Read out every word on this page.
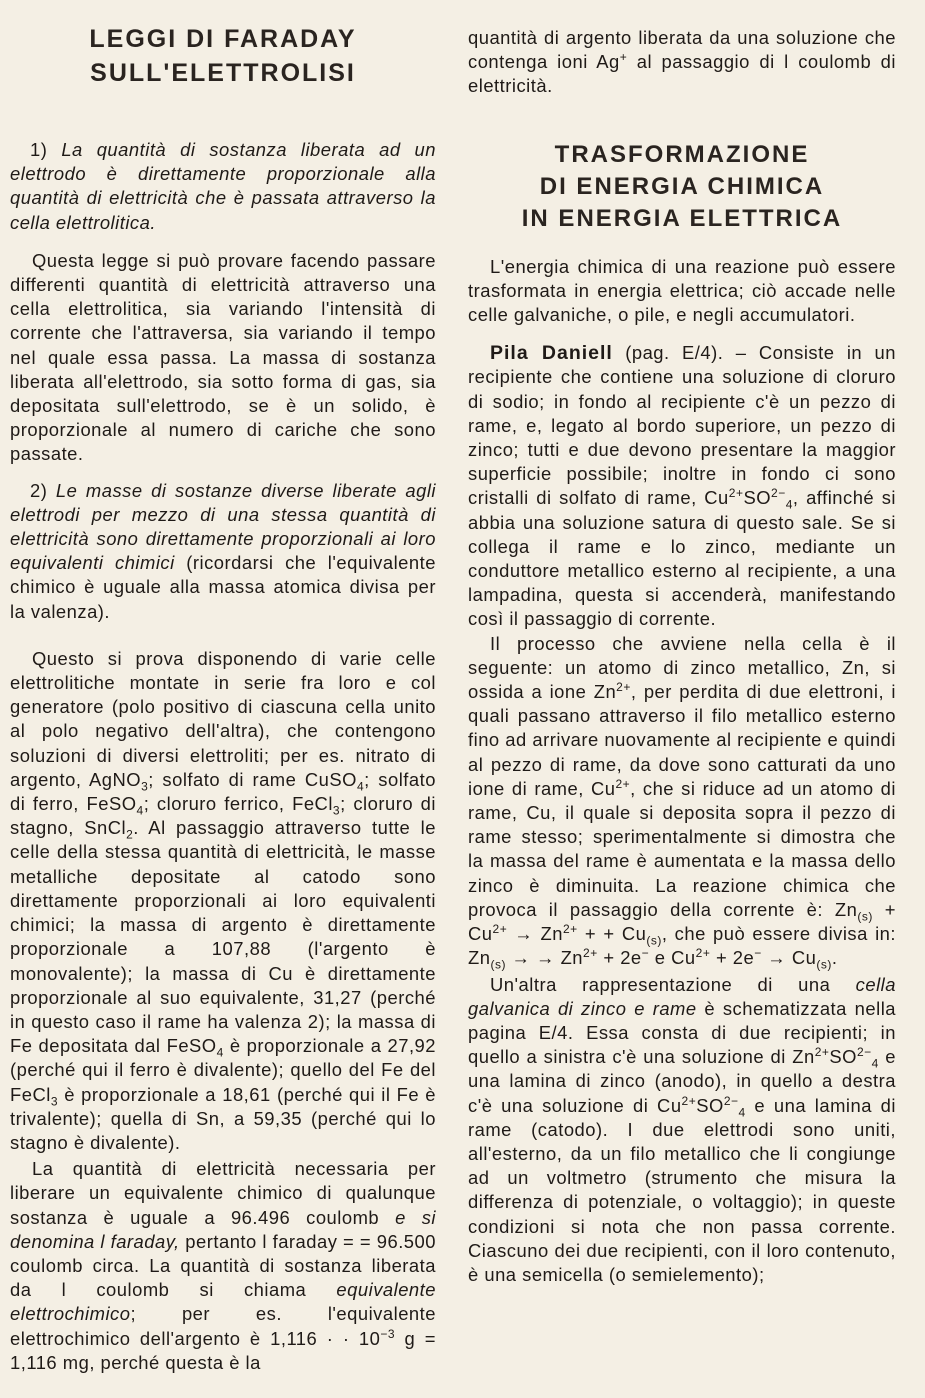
LEGGI DI FARADAY
SULL'ELETTROLISI

1) La quantità di sostanza liberata ad un elettrodo è direttamente proporzionale alla quantità di elettricità che è passata attraverso la cella elettrolitica.

Questa legge si può provare facendo passare differenti quantità di elettricità attraverso una cella elettrolitica, sia variando l'intensità di corrente che l'attraversa, sia variando il tempo nel quale essa passa. La massa di sostanza liberata all'elettrodo, sia sotto forma di gas, sia depositata sull'elettrodo, se è un solido, è proporzionale al numero di cariche che sono passate.

2) Le masse di sostanze diverse liberate agli elettrodi per mezzo di una stessa quantità di elettricità sono direttamente proporzionali ai loro equivalenti chimici (ricordarsi che l'equivalente chimico è uguale alla massa atomica divisa per la valenza).

Questo si prova disponendo di varie celle elettrolitiche montate in serie fra loro e col generatore (polo positivo di ciascuna cella unito al polo negativo dell'altra), che contengono soluzioni di diversi elettroliti; per es. nitrato di argento, AgNO$_3$; solfato di rame CuSO$_4$; solfato di ferro, FeSO$_4$; cloruro ferrico, FeCl$_3$; cloruro di stagno, SnCl$_2$. Al passaggio attraverso tutte le celle della stessa quantità di elettricità, le masse metalliche depositate al catodo sono direttamente proporzionali ai loro equivalenti chimici; la massa di argento è direttamente proporzionale a 107,88 (l'argento è monovalente); la massa di Cu è direttamente proporzionale al suo equivalente, 31,27 (perché in questo caso il rame ha valenza 2); la massa di Fe depositata dal FeSO$_4$ è proporzionale a 27,92 (perché qui il ferro è divalente); quello del Fe del FeCl$_3$ è proporzionale a 18,61 (perché qui il Fe è trivalente); quella di Sn, a 59,35 (perché qui lo stagno è divalente).

La quantità di elettricità necessaria per liberare un equivalente chimico di qualunque sostanza è uguale a 96.496 coulomb e si denomina l faraday, pertanto l faraday = = 96.500 coulomb circa. La quantità di sostanza liberata da l coulomb si chiama equivalente elettrochimico; per es. l'equivalente elettrochimico dell'argento è 1,116 · · $10^{-3}$ g = 1,116 mg, perché questa è la

quantità di argento liberata da una soluzione che contenga ioni Ag+ al passaggio di l coulomb di elettricità.

TRASFORMAZIONE
DI ENERGIA CHIMICA
IN ENERGIA ELETTRICA

L'energia chimica di una reazione può essere trasformata in energia elettrica; ciò accade nelle celle galvaniche, o pile, e negli accumulatori.

Pila Daniell (pag. E/4). – Consiste in un recipiente che contiene una soluzione di cloruro di sodio; in fondo al recipiente c'è un pezzo di rame, e, legato al bordo superiore, un pezzo di zinco; tutti e due devono presentare la maggior superficie possibile; inoltre in fondo ci sono cristalli di solfato di rame, $Cu^{2+}SO^{2-}_4$, affinché si abbia una soluzione satura di questo sale. Se si collega il rame e lo zinco, mediante un conduttore metallico esterno al recipiente, a una lampadina, questa si accenderà, manifestando così il passaggio di corrente.

Il processo che avviene nella cella è il seguente: un atomo di zinco metallico, Zn, si ossida a ione $Zn^{2+}$, per perdita di due elettroni, i quali passano attraverso il filo metallico esterno fino ad arrivare nuovamente al recipiente e quindi al pezzo di rame, da dove sono catturati da uno ione di rame, $Cu^{2+}$, che si riduce ad un atomo di rame, Cu, il quale si deposita sopra il pezzo di rame stesso; sperimentalmente si dimostra che la massa del rame è aumentata e la massa dello zinco è diminuita. La reazione chimica che provoca il passaggio della corrente è: $Zn_{(s)} + Cu^{2+} \to Zn^{2+}$ + + $Cu_{(s)}$, che può essere divisa in: $Zn_{(s)}$ → → $Zn^{2+} + 2e^-$ e $Cu^{2+} + 2e^- \to Cu_{(s)}$.

Un'altra rappresentazione di una cella galvanica di zinco e rame è schematizzata nella pagina E/4. Essa consta di due recipienti; in quello a sinistra c'è una soluzione di $Zn^{2+}SO^{2-}_4$ e una lamina di zinco (anodo), in quello a destra c'è una soluzione di $Cu^{2+}SO^{2-}_4$ e una lamina di rame (catodo). I due elettrodi sono uniti, all'esterno, da un filo metallico che li congiunge ad un voltmetro (strumento che misura la differenza di potenziale, o voltaggio); in queste condizioni si nota che non passa corrente. Ciascuno dei due recipienti, con il loro contenuto, è una semicella (o semielemento);
